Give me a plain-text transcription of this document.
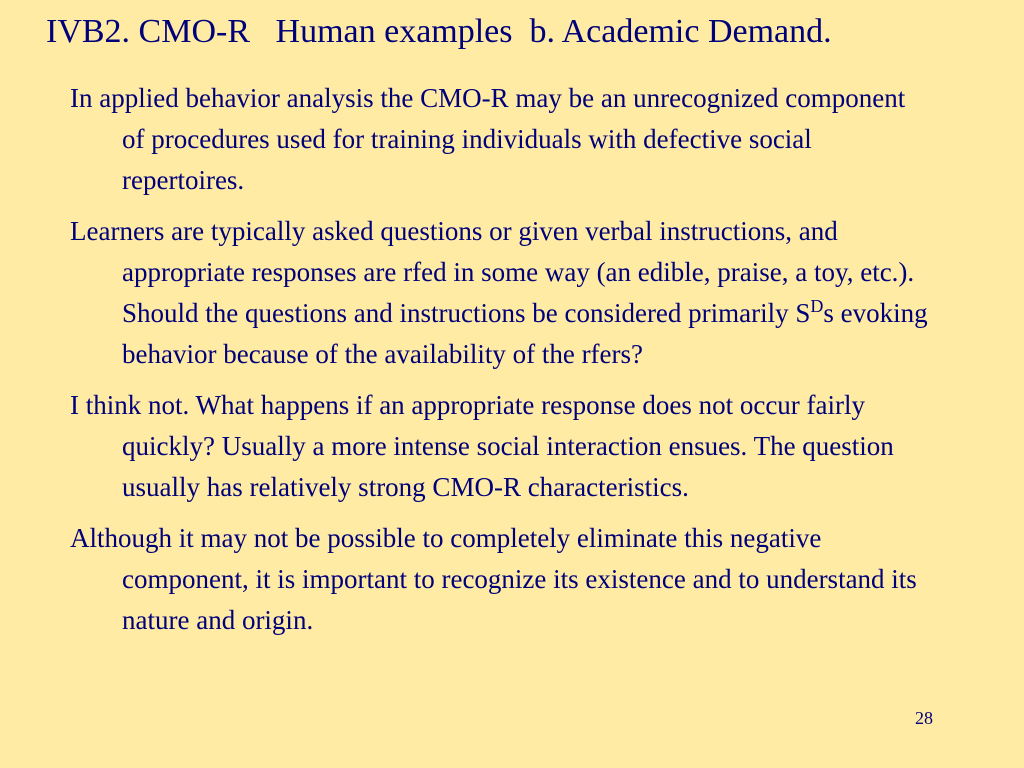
IVB2. CMO-R   Human examples  b. Academic Demand.

In applied behavior analysis the CMO-R may be an unrecognized component of procedures used for training individuals with defective social repertoires.

Learners are typically asked questions or given verbal instructions, and appropriate responses are rfed in some way (an edible, praise, a toy, etc.). Should the questions and instructions be considered primarily $S^Ds$ evoking behavior because of the availability of the rfers?

I think not. What happens if an appropriate response does not occur fairly quickly? Usually a more intense social interaction ensues. The question usually has relatively strong CMO-R characteristics.

Although it may not be possible to completely eliminate this negative component, it is important to recognize its existence and to understand its nature and origin.

28
